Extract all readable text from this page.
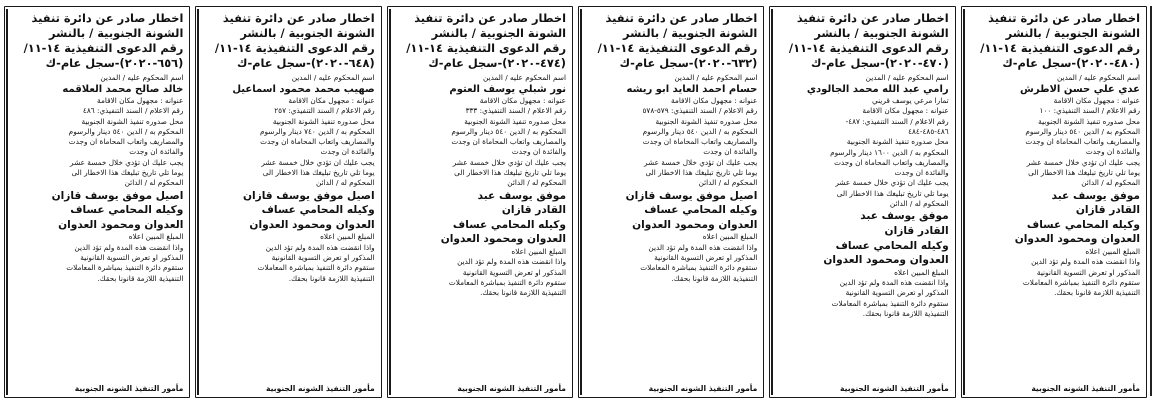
اخطار صادر عن دائرة تنفيذ
الشونة الجنوبية / بالنشر
رقم الدعوى التنفيذية ١٤-١١/
(٤٨٠-٢٠٢٠)-سجل عام-ك
اسم المحكوم عليه / المدين
عدي علي حسن الاطرش
عنوانه : مجهول مكان الاقامة
رقم الاعلام / السند التنفيذي: ١٠٠
محل صدوره تنفيذ الشونة الجنوبية
المحكوم به / الدين ٥٤٠ دينار والرسوم
والمصاريف واتعاب المحاماة ان وجدت
والفائدة ان وجدت
يجب عليك ان تؤدي خلال خمسة عشر
يوما تلي تاريخ تبليغك هذا الاخطار الى
المحكوم له / الدائن
موفق يوسف عبد
القادر قازان
وكيله المحامي عساف
العدوان ومحمود العدوان
المبلغ المبين اعلاه
واذا انقضت هذه المدة ولم تؤد الدين
المذكور او تعرض التسوية القانونية
ستقوم دائرة التنفيذ بمباشرة المعاملات
التنفيذية اللازمة قانونا بحقك.
مأمور التنفيذ الشونه الجنوبية
اخطار صادر عن دائرة تنفيذ
الشونة الجنوبية / بالنشر
رقم الدعوى التنفيذية ١٤-١١/
(٤٧٠-٢٠٢٠)-سجل عام-ك
اسم المحكوم عليه / المدين
رامي عبد الله محمد الجالودي
تمارا مرعي يوسف قريني
عنوانه : مجهول مكان الاقامة
رقم الاعلام / السند التنفيذي: ٤٨٧-
٤٨٦-٤٨٥-٤٨٤
محل صدوره تنفيذ الشونة الجنوبية
المحكوم به / الدين ١٦٠٠ دينار والرسوم
والمصاريف واتعاب المحاماة ان وجدت
والفائدة ان وجدت
يجب عليك ان تؤدي خلال خمسة عشر
يوما تلي تاريخ تبليغك هذا الاخطار الى
المحكوم له / الدائن
موفق يوسف عبد
القادر قازان
وكيله المحامي عساف
العدوان ومحمود العدوان
المبلغ المبين اعلاه
واذا انقضت هذه المدة ولم تؤد الدين
المذكور او تعرض التسوية القانونية
ستقوم دائرة التنفيذ بمباشرة المعاملات
التنفيذية اللازمة قانونا بحقك.
مأمور التنفيذ الشونه الجنوبية
اخطار صادر عن دائرة تنفيذ
الشونة الجنوبية / بالنشر
رقم الدعوى التنفيذية ١٤-١١/
(٦٣٢-٢٠٢٠)-سجل عام-ك
اسم المحكوم عليه / المدين
حسام احمد العايد ابو ريشه
عنوانه : مجهول مكان الاقامة
رقم الاعلام / السند التنفيذي: ٥٧٩-٥٧٨
محل صدوره تنفيذ الشونة الجنوبية
المحكوم به / الدين ٥٤٠ دينار والرسوم
والمصاريف واتعاب المحاماة ان وجدت
والفائدة ان وجدت
يجب عليك ان تؤدي خلال خمسة عشر
يوما تلي تاريخ تبليغك هذا الاخطار الى
المحكوم له / الدائن
اصيل موفق يوسف قازان
وكيله المحامي عساف
العدوان ومحمود العدوان
المبلغ المبين اعلاه
واذا انقضت هذه المدة ولم تؤد الدين
المذكور او تعرض التسوية القانونية
ستقوم دائرة التنفيذ بمباشرة المعاملات
التنفيذية اللازمة قانونا بحقك.
مأمور التنفيذ الشونه الجنوبية
اخطار صادر عن دائرة تنفيذ
الشونة الجنوبية / بالنشر
رقم الدعوى التنفيذية ١٤-١١/
(٤٧٤-٢٠٢٠)-سجل عام-ك
اسم المحكوم عليه / المدين
نور شبلي يوسف العتوم
عنوانه : مجهول مكان الاقامة
رقم الاعلام / السند التنفيذي: ٣٣٣
محل صدوره تنفيذ الشونة الجنوبية
المحكوم به / الدين ٥٤٠ دينار والرسوم
والمصاريف واتعاب المحاماة ان وجدت
والفائدة ان وجدت
يجب عليك ان تؤدي خلال خمسة عشر
يوما تلي تاريخ تبليغك هذا الاخطار الى
المحكوم له / الدائن
موفق يوسف عبد
القادر قازان
وكيله المحامي عساف
العدوان ومحمود العدوان
المبلغ المبين اعلاه
واذا انقضت هذه المدة ولم تؤد الدين
المذكور او تعرض التسوية القانونية
ستقوم دائرة التنفيذ بمباشرة المعاملات
التنفيذية اللازمة قانونا بحقك.
مأمور التنفيذ الشونه الجنوبية
اخطار صادر عن دائرة تنفيذ
الشونة الجنوبية / بالنشر
رقم الدعوى التنفيذية ١٤-١١/
(٦٤٨-٢٠٢٠)-سجل عام-ك
اسم المحكوم عليه / المدين
صهيب محمد محمود اسماعيل
عنوانه : مجهول مكان الاقامة
رقم الاعلام / السند التنفيذي: ٢٥٧
محل صدوره تنفيذ الشونة الجنوبية
المحكوم به / الدين ٧٤٠ دينار والرسوم
والمصاريف واتعاب المحاماة ان وجدت
والفائدة ان وجدت
يجب عليك ان تؤدي خلال خمسة عشر
يوما تلي تاريخ تبليغك هذا الاخطار الى
المحكوم له / الدائن
اصيل موفق يوسف قازان
وكيله المحامي عساف
العدوان ومحمود العدوان
المبلغ المبين اعلاه
واذا انقضت هذه المدة ولم تؤد الدين
المذكور او تعرض التسوية القانونية
ستقوم دائرة التنفيذ بمباشرة المعاملات
التنفيذية اللازمة قانونا بحقك.
مأمور التنفيذ الشونه الجنوبية
اخطار صادر عن دائرة تنفيذ
الشونة الجنوبية / بالنشر
رقم الدعوى التنفيذية ١٤-١١/
(٦٥٦-٢٠٢٠)-سجل عام-ك
اسم المحكوم عليه / المدين
خالد صالح محمد العلاقمه
عنوانه : مجهول مكان الاقامة
رقم الاعلام / السند التنفيذي: ٤٨٦
محل صدوره تنفيذ الشونة الجنوبية
المحكوم به / الدين ٥٤٠ دينار والرسوم
والمصاريف واتعاب المحاماة ان وجدت
والفائدة ان وجدت
يجب عليك ان تؤدي خلال خمسة عشر
يوما تلي تاريخ تبليغك هذا الاخطار الى
المحكوم له / الدائن
اصيل موفق يوسف قازان
وكيله المحامي عساف
العدوان ومحمود العدوان
المبلغ المبين اعلاه
واذا انقضت هذه المدة ولم تؤد الدين
المذكور او تعرض التسوية القانونية
ستقوم دائرة التنفيذ بمباشرة المعاملات
التنفيذية اللازمة قانونا بحقك.
مأمور التنفيذ الشونه الجنوبية
